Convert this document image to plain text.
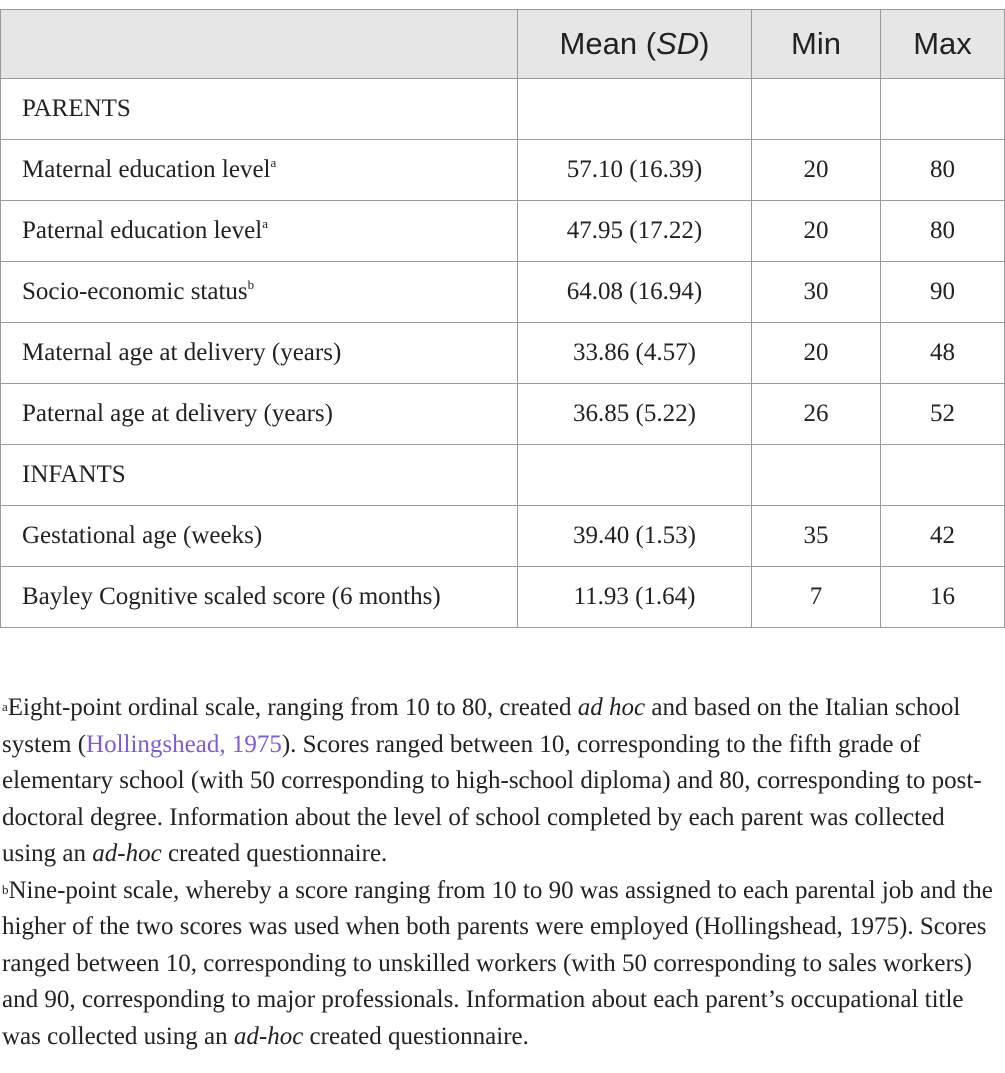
	Mean (SD)	Min	Max
PARENTS			
Maternal education level$^a$	57.10 (16.39)	20	80
Paternal education level$^a$	47.95 (17.22)	20	80
Socio-economic status$^b$	64.08 (16.94)	30	90
Maternal age at delivery (years)	33.86 (4.57)	20	48
Paternal age at delivery (years)	36.85 (5.22)	26	52
INFANTS			
Gestational age (weeks)	39.40 (1.53)	35	42
Bayley Cognitive scaled score (6 months)	11.93 (1.64)	7	16

$^a$Eight-point ordinal scale, ranging from 10 to 80, created ad hoc and based on the Italian school system (Hollingshead, 1975). Scores ranged between 10, corresponding to the fifth grade of elementary school (with 50 corresponding to high-school diploma) and 80, corresponding to post-doctoral degree. Information about the level of school completed by each parent was collected using an ad-hoc created questionnaire.

$^b$Nine-point scale, whereby a score ranging from 10 to 90 was assigned to each parental job and the higher of the two scores was used when both parents were employed (Hollingshead, 1975). Scores ranged between 10, corresponding to unskilled workers (with 50 corresponding to sales workers) and 90, corresponding to major professionals. Information about each parent’s occupational title was collected using an ad-hoc created questionnaire.
